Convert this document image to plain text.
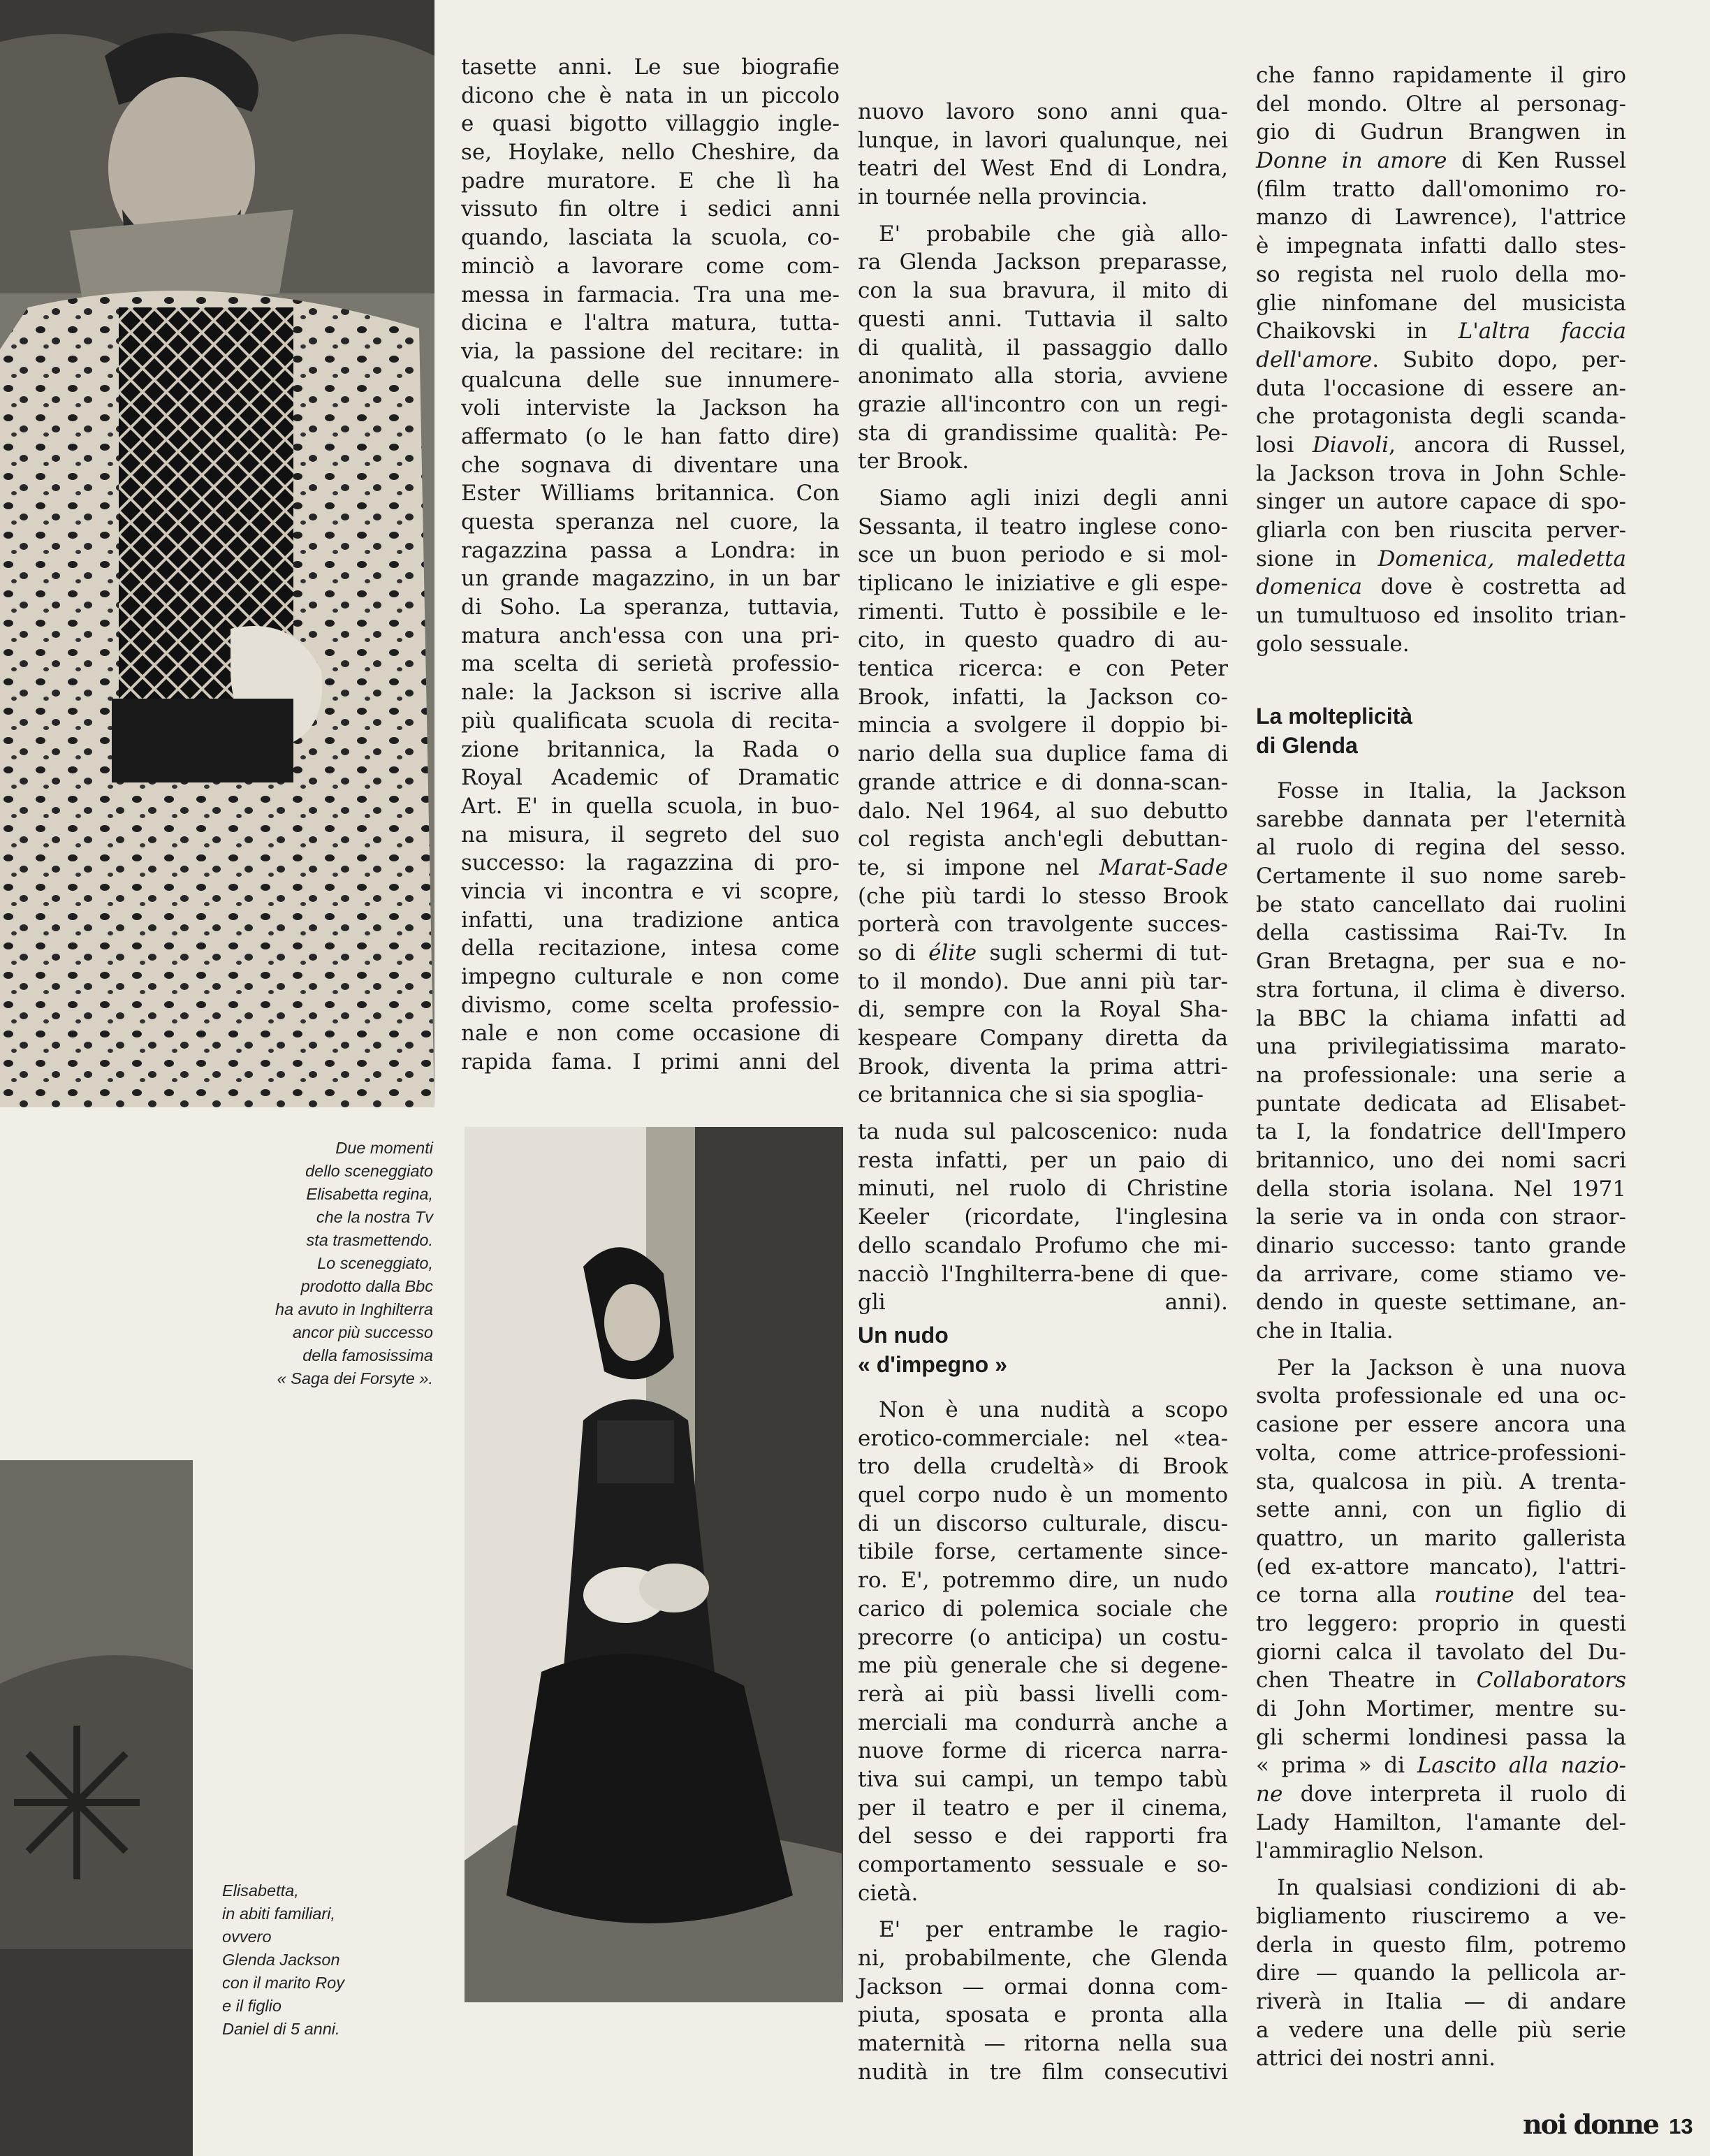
Due momenti
dello sceneggiato
Elisabetta regina,
che la nostra Tv
sta trasmettendo.
Lo sceneggiato,
prodotto dalla Bbc
ha avuto in Inghilterra
ancor più successo
della famosissima
« Saga dei Forsyte ».
Elisabetta,
in abiti familiari,
ovvero
Glenda Jackson
con il marito Roy
e il figlio
Daniel di 5 anni.
tasette anni. Le sue biografie
dicono che è nata in un piccolo
e quasi bigotto villaggio ingle-
se, Hoylake, nello Cheshire, da
padre muratore. E che lì ha
vissuto fin oltre i sedici anni
quando, lasciata la scuola, co-
minciò a lavorare come com-
messa in farmacia. Tra una me-
dicina e l'altra matura, tutta-
via, la passione del recitare: in
qualcuna delle sue innumere-
voli interviste la Jackson ha
affermato (o le han fatto dire)
che sognava di diventare una
Ester Williams britannica. Con
questa speranza nel cuore, la
ragazzina passa a Londra: in
un grande magazzino, in un bar
di Soho. La speranza, tuttavia,
matura anch'essa con una pri-
ma scelta di serietà professio-
nale: la Jackson si iscrive alla
più qualificata scuola di recita-
zione britannica, la Rada o
Royal Academic of Dramatic
Art. E' in quella scuola, in buo-
na misura, il segreto del suo
successo: la ragazzina di pro-
vincia vi incontra e vi scopre,
infatti, una tradizione antica
della recitazione, intesa come
impegno culturale e non come
divismo, come scelta professio-
nale e non come occasione di
rapida fama. I primi anni del
nuovo lavoro sono anni qua-
lunque, in lavori qualunque, nei
teatri del West End di Londra,
in tournée nella provincia.
E' probabile che già allo-
ra Glenda Jackson preparasse,
con la sua bravura, il mito di
questi anni. Tuttavia il salto
di qualità, il passaggio dallo
anonimato alla storia, avviene
grazie all'incontro con un regi-
sta di grandissime qualità: Pe-
ter Brook.
Siamo agli inizi degli anni
Sessanta, il teatro inglese cono-
sce un buon periodo e si mol-
tiplicano le iniziative e gli espe-
rimenti. Tutto è possibile e le-
cito, in questo quadro di au-
tentica ricerca: e con Peter
Brook, infatti, la Jackson co-
mincia a svolgere il doppio bi-
nario della sua duplice fama di
grande attrice e di donna-scan-
dalo. Nel 1964, al suo debutto
col regista anch'egli debuttan-
te, si impone nel Marat-Sade
(che più tardi lo stesso Brook
porterà con travolgente succes-
so di élite sugli schermi di tut-
to il mondo). Due anni più tar-
di, sempre con la Royal Sha-
kespeare Company diretta da
Brook, diventa la prima attri-
ce britannica che si sia spoglia-
ta nuda sul palcoscenico: nuda
resta infatti, per un paio di
minuti, nel ruolo di Christine
Keeler (ricordate, l'inglesina
dello scandalo Profumo che mi-
nacciò l'Inghilterra-bene di que-
gli anni).
Un nudo
« d'impegno »
Non è una nudità a scopo
erotico-commerciale: nel «tea-
tro della crudeltà» di Brook
quel corpo nudo è un momento
di un discorso culturale, discu-
tibile forse, certamente since-
ro. E', potremmo dire, un nudo
carico di polemica sociale che
precorre (o anticipa) un costu-
me più generale che si degene-
rerà ai più bassi livelli com-
merciali ma condurrà anche a
nuove forme di ricerca narra-
tiva sui campi, un tempo tabù
per il teatro e per il cinema,
del sesso e dei rapporti fra
comportamento sessuale e so-
cietà.
E' per entrambe le ragio-
ni, probabilmente, che Glenda
Jackson — ormai donna com-
piuta, sposata e pronta alla
maternità — ritorna nella sua
nudità in tre film consecutivi
che fanno rapidamente il giro
del mondo. Oltre al personag-
gio di Gudrun Brangwen in
Donne in amore di Ken Russel
(film tratto dall'omonimo ro-
manzo di Lawrence), l'attrice
è impegnata infatti dallo stes-
so regista nel ruolo della mo-
glie ninfomane del musicista
Chaikovski in L'altra faccia
dell'amore. Subito dopo, per-
duta l'occasione di essere an-
che protagonista degli scanda-
losi Diavoli, ancora di Russel,
la Jackson trova in John Schle-
singer un autore capace di spo-
gliarla con ben riuscita perver-
sione in Domenica, maledetta
domenica dove è costretta ad
un tumultuoso ed insolito trian-
golo sessuale.
La molteplicità
di Glenda
Fosse in Italia, la Jackson
sarebbe dannata per l'eternità
al ruolo di regina del sesso.
Certamente il suo nome sareb-
be stato cancellato dai ruolini
della castissima Rai-Tv. In
Gran Bretagna, per sua e no-
stra fortuna, il clima è diverso.
la BBC la chiama infatti ad
una privilegiatissima marato-
na professionale: una serie a
puntate dedicata ad Elisabet-
ta I, la fondatrice dell'Impero
britannico, uno dei nomi sacri
della storia isolana. Nel 1971
la serie va in onda con straor-
dinario successo: tanto grande
da arrivare, come stiamo ve-
dendo in queste settimane, an-
che in Italia.
Per la Jackson è una nuova
svolta professionale ed una oc-
casione per essere ancora una
volta, come attrice-professioni-
sta, qualcosa in più. A trenta-
sette anni, con un figlio di
quattro, un marito gallerista
(ed ex-attore mancato), l'attri-
ce torna alla routine del tea-
tro leggero: proprio in questi
giorni calca il tavolato del Du-
chen Theatre in Collaborators
di John Mortimer, mentre su-
gli schermi londinesi passa la
« prima » di Lascito alla nazio-
ne dove interpreta il ruolo di
Lady Hamilton, l'amante del-
l'ammiraglio Nelson.
In qualsiasi condizioni di ab-
bigliamento riusciremo a ve-
derla in questo film, potremo
dire — quando la pellicola ar-
riverà in Italia — di andare
a vedere una delle più serie
attrici dei nostri anni.
noi donne 13
